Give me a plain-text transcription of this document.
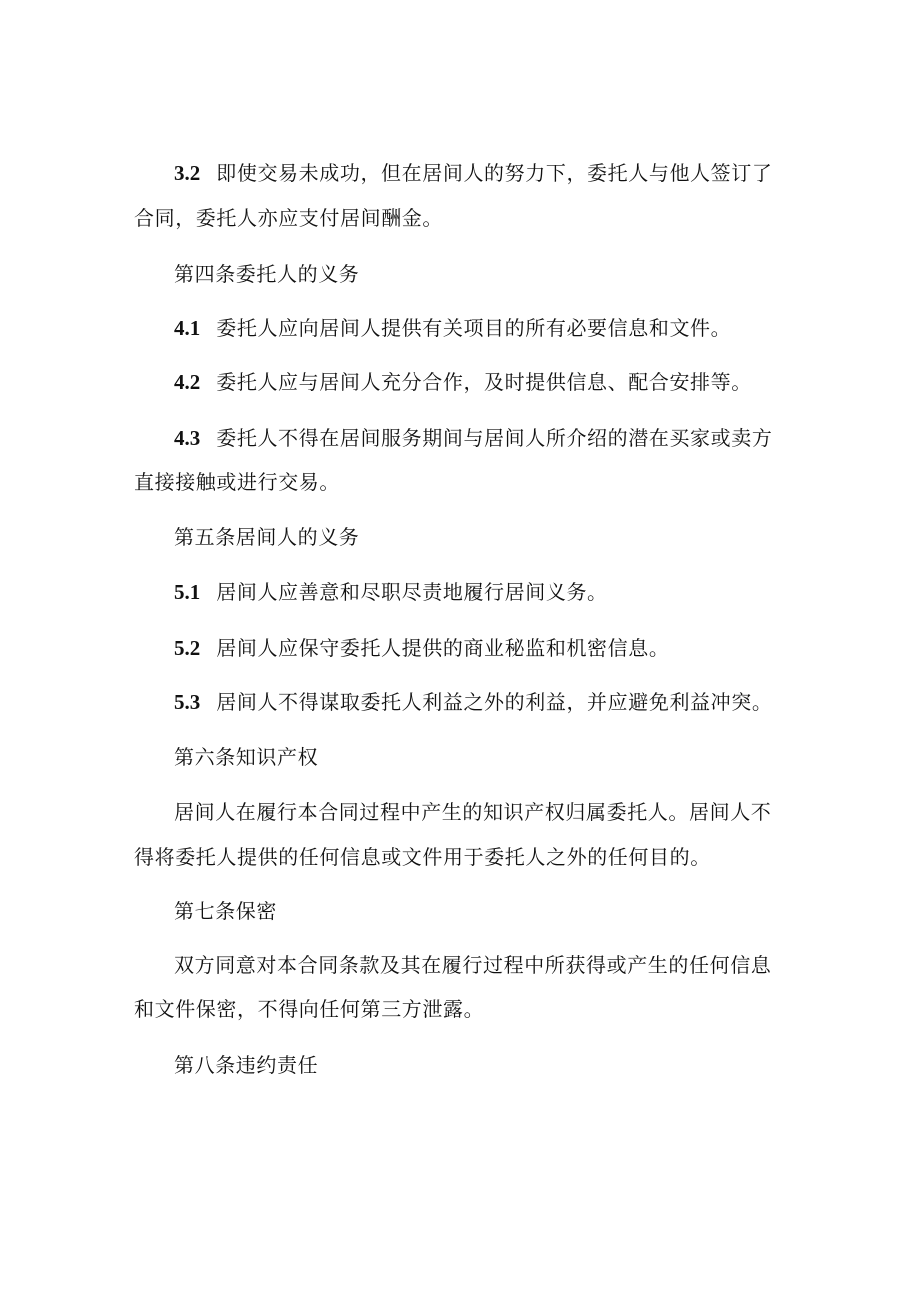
3.2 即使交易未成功，但在居间人的努力下，委托人与他人签订了
合同，委托人亦应支付居间酬金。
第四条委托人的义务
4.1 委托人应向居间人提供有关项目的所有必要信息和文件。
4.2 委托人应与居间人充分合作，及时提供信息、配合安排等。
4.3 委托人不得在居间服务期间与居间人所介绍的潜在买家或卖方
直接接触或进行交易。
第五条居间人的义务
5.1 居间人应善意和尽职尽责地履行居间义务。
5.2 居间人应保守委托人提供的商业秘监和机密信息。
5.3 居间人不得谋取委托人利益之外的利益，并应避免利益冲突。
第六条知识产权
居间人在履行本合同过程中产生的知识产权归属委托人。居间人不
得将委托人提供的任何信息或文件用于委托人之外的任何目的。
第七条保密
双方同意对本合同条款及其在履行过程中所获得或产生的任何信息
和文件保密，不得向任何第三方泄露。
第八条违约责任
